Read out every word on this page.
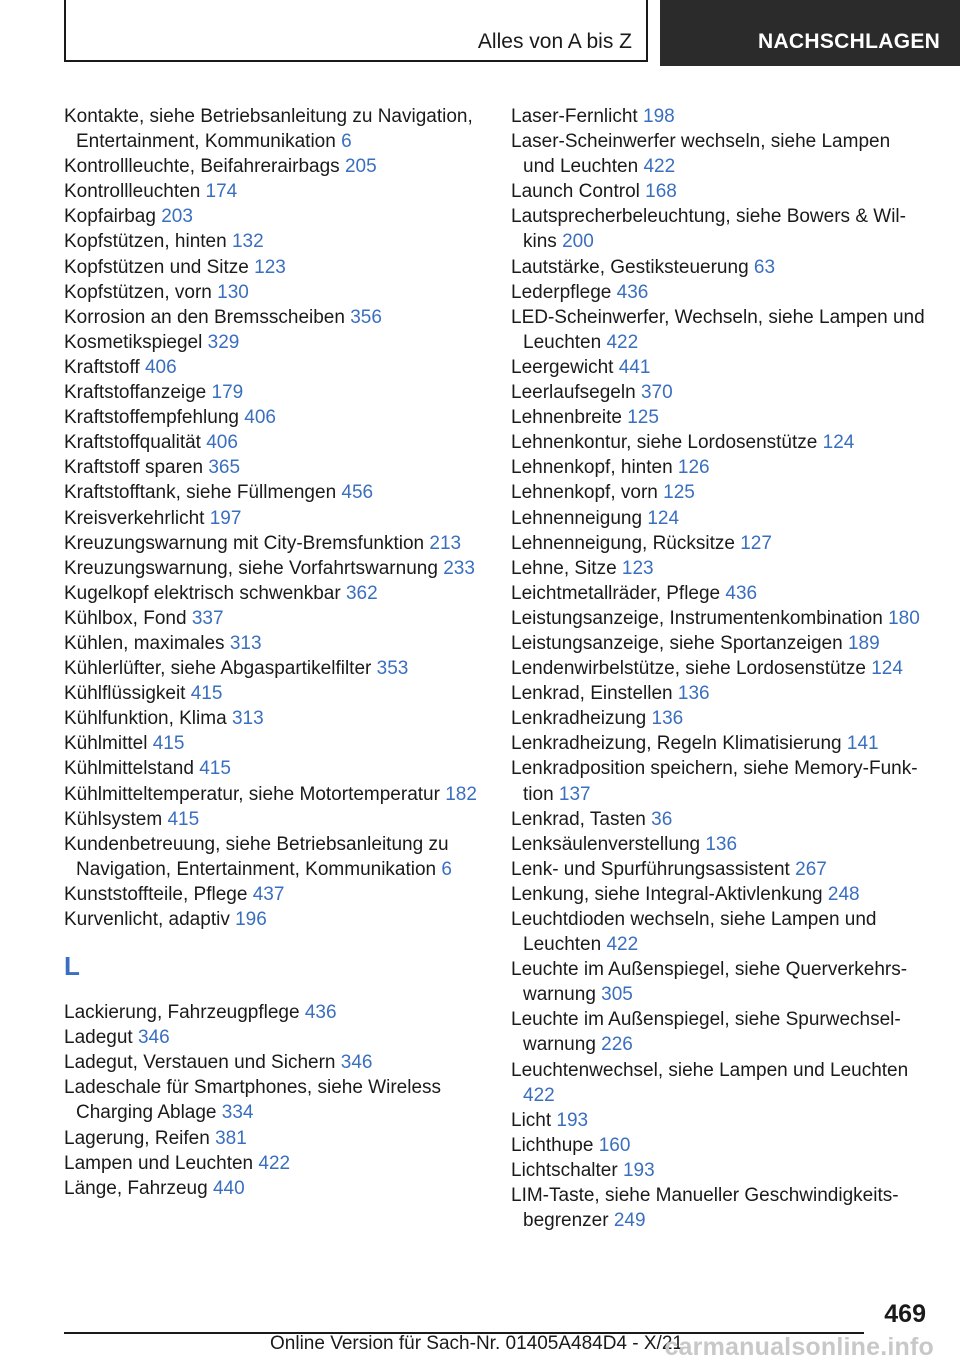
Alles von A bis Z	NACHSCHLAGEN
Kontakte, siehe Betriebsanleitung zu Navigation, Entertainment, Kommunikation 6
Kontrollleuchte, Beifahrerairbags 205
Kontrollleuchten 174
Kopfairbag 203
Kopfstützen, hinten 132
Kopfstützen und Sitze 123
Kopfstützen, vorn 130
Korrosion an den Bremsscheiben 356
Kosmetikspiegel 329
Kraftstoff 406
Kraftstoffanzeige 179
Kraftstoffempfehlung 406
Kraftstoffqualität 406
Kraftstoff sparen 365
Kraftstofftank, siehe Füllmengen 456
Kreisverkehrlicht 197
Kreuzungswarnung mit City-Bremsfunktion 213
Kreuzungswarnung, siehe Vorfahrtswarnung 233
Kugelkopf elektrisch schwenkbar 362
Kühlbox, Fond 337
Kühlen, maximales 313
Kühlerlüfter, siehe Abgaspartikelfilter 353
Kühlflüssigkeit 415
Kühlfunktion, Klima 313
Kühlmittel 415
Kühlmittelstand 415
Kühlmitteltemperatur, siehe Motortemperatur 182
Kühlsystem 415
Kundenbetreuung, siehe Betriebsanleitung zu Navigation, Entertainment, Kommunikation 6
Kunststoffteile, Pflege 437
Kurvenlicht, adaptiv 196
L
Lackierung, Fahrzeugpflege 436
Ladegut 346
Ladegut, Verstauen und Sichern 346
Ladeschale für Smartphones, siehe Wireless Charging Ablage 334
Lagerung, Reifen 381
Lampen und Leuchten 422
Länge, Fahrzeug 440
Laser-Fernlicht 198
Laser-Scheinwerfer wechseln, siehe Lampen und Leuchten 422
Launch Control 168
Lautsprecherbeleuchtung, siehe Bowers & Wilkins 200
Lautstärke, Gestiksteuerung 63
Lederpflege 436
LED-Scheinwerfer, Wechseln, siehe Lampen und Leuchten 422
Leergewicht 441
Leerlaufsegeln 370
Lehnenbreite 125
Lehnenkontur, siehe Lordosenstütze 124
Lehnenkopf, hinten 126
Lehnenkopf, vorn 125
Lehnenneigung 124
Lehnenneigung, Rücksitze 127
Lehne, Sitze 123
Leichtmetallräder, Pflege 436
Leistungsanzeige, Instrumentenkombination 180
Leistungsanzeige, siehe Sportanzeigen 189
Lendenwirbelstütze, siehe Lordosenstütze 124
Lenkrad, Einstellen 136
Lenkradheizung 136
Lenkradheizung, Regeln Klimatisierung 141
Lenkradposition speichern, siehe Memory-Funktion 137
Lenkrad, Tasten 36
Lenksäulenverstellung 136
Lenk- und Spurführungsassistent 267
Lenkung, siehe Integral-Aktivlenkung 248
Leuchtdioden wechseln, siehe Lampen und Leuchten 422
Leuchte im Außenspiegel, siehe Querverkehrswarnung 305
Leuchte im Außenspiegel, siehe Spurwechselwarnung 226
Leuchtenwechsel, siehe Lampen und Leuchten 422
Licht 193
Lichthupe 160
Lichtschalter 193
LIM-Taste, siehe Manueller Geschwindigkeitsbegrenzer 249
469
Online Version für Sach-Nr. 01405A484D4 - X/21
carmanualsonline.info
